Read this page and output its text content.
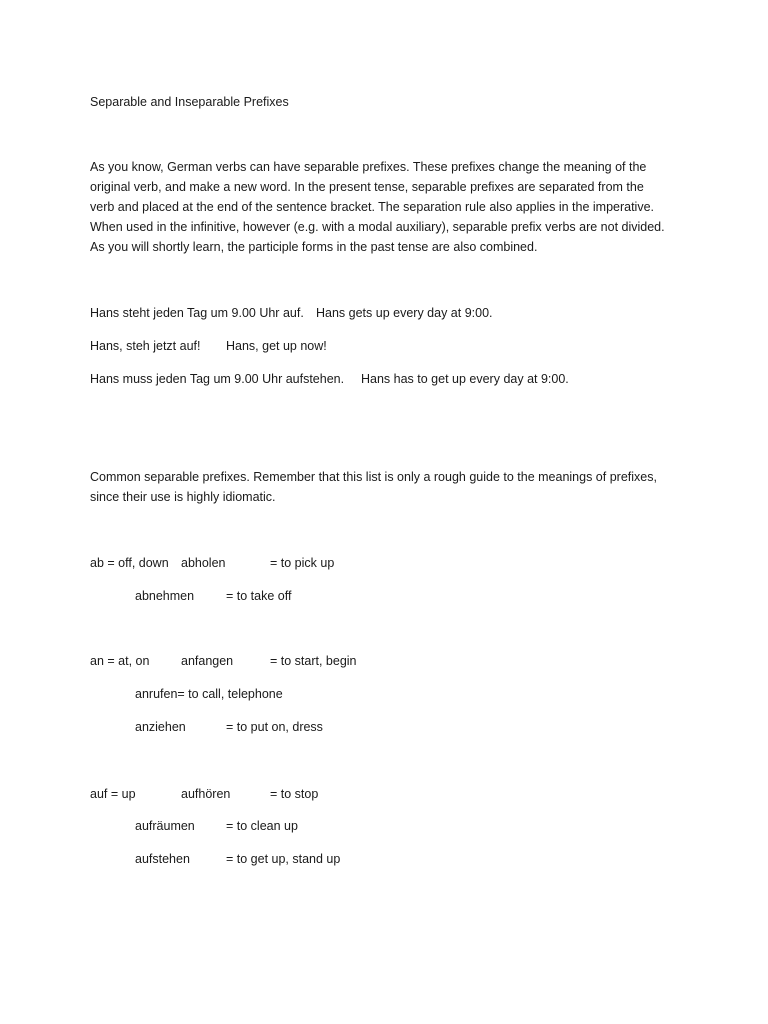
Separable and Inseparable Prefixes
As you know, German verbs can have separable prefixes. These prefixes change the meaning of the
original verb, and make a new word. In the present tense, separable prefixes are separated from the
verb and placed at the end of the sentence bracket. The separation rule also applies in the imperative.
When used in the infinitive, however (e.g. with a modal auxiliary), separable prefix verbs are not divided.
As you will shortly learn, the participle forms in the past tense are also combined.
Hans steht jeden Tag um 9.00 Uhr auf. Hans gets up every day at 9:00.
Hans, steh jetzt auf! Hans, get up now!
Hans muss jeden Tag um 9.00 Uhr aufstehen. Hans has to get up every day at 9:00.
Common separable prefixes. Remember that this list is only a rough guide to the meanings of prefixes,
since their use is highly idiomatic.
ab = off, down abholen	= to pick up
abnehmen	= to take off
an = at, on	anfangen	= to start, begin
anrufen= to call, telephone
anziehen	= to put on, dress
auf = up	aufhören	= to stop
aufräumen = to clean up
aufstehen	= to get up, stand up
